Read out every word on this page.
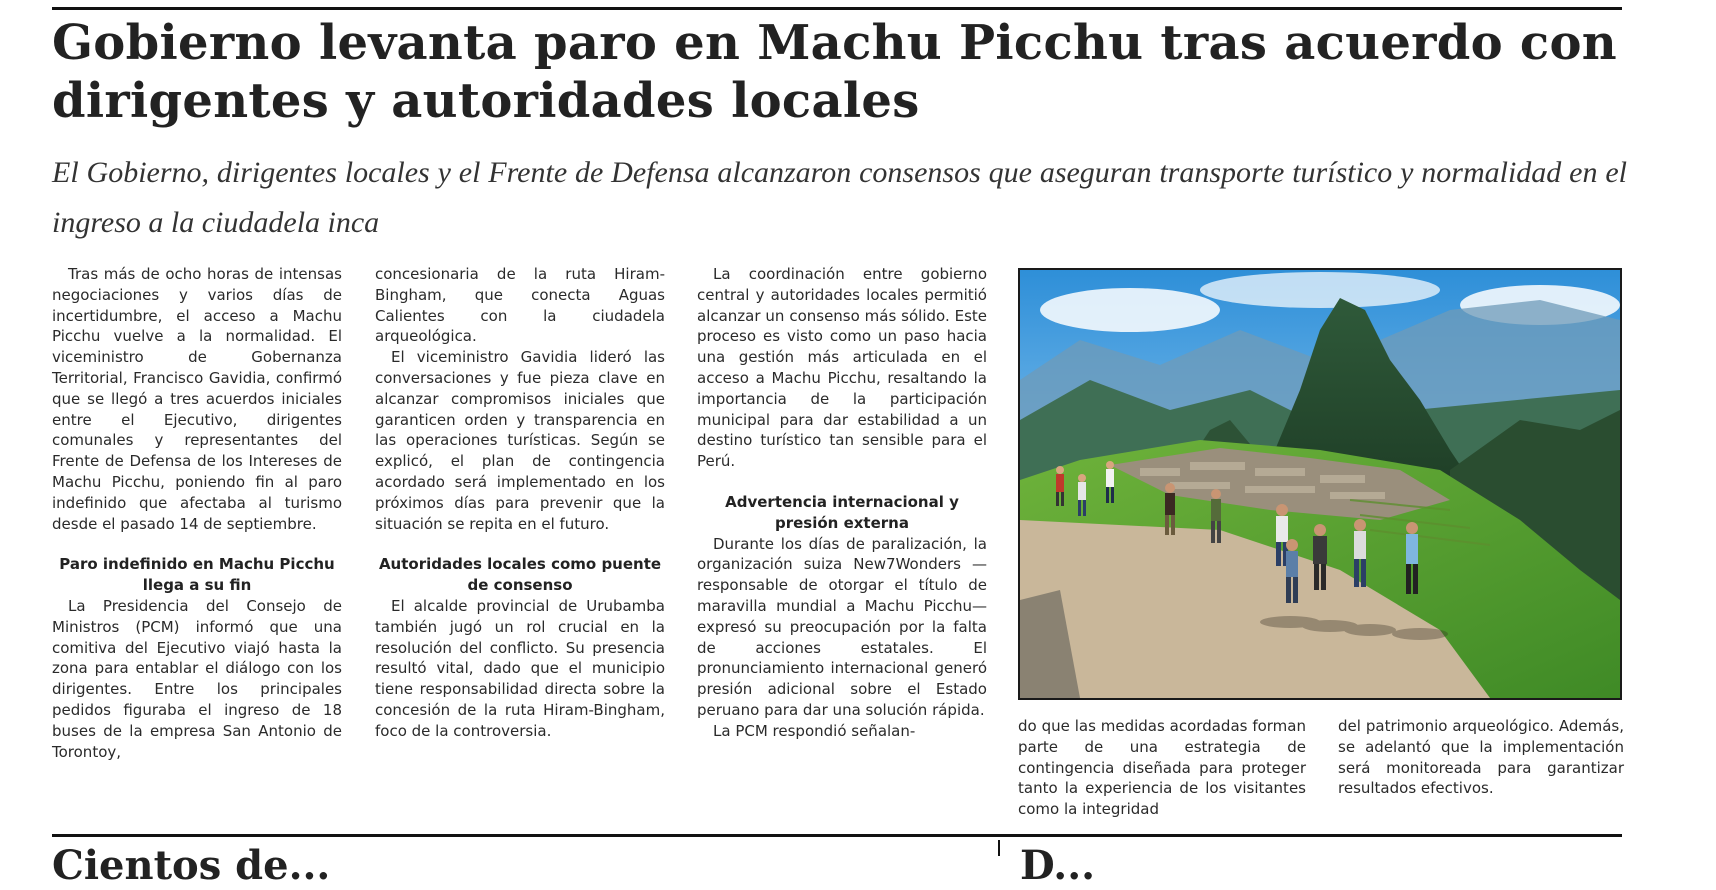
Gobierno levanta paro en Machu Picchu tras acuerdo con dirigentes y autoridades locales

El Gobierno, dirigentes locales y el Frente de Defensa alcanzaron consensos que aseguran transporte turístico y normalidad en el ingreso a la ciudadela inca

Tras más de ocho horas de intensas negociaciones y varios días de incertidumbre, el acceso a Machu Picchu vuelve a la normalidad. El viceministro de Gobernanza Territorial, Francisco Gavidia, confirmó que se llegó a tres acuerdos iniciales entre el Ejecutivo, dirigentes comunales y representantes del Frente de Defensa de los Intereses de Machu Picchu, poniendo fin al paro indefinido que afectaba al turismo desde el pasado 14 de septiembre.

Paro indefinido en Machu Picchu llega a su fin

La Presidencia del Consejo de Ministros (PCM) informó que una comitiva del Ejecutivo viajó hasta la zona para entablar el diálogo con los dirigentes. Entre los principales pedidos figuraba el ingreso de 18 buses de la empresa San Antonio de Torontoy,

concesionaria de la ruta Hiram-Bingham, que conecta Aguas Calientes con la ciudadela arqueológica.

El viceministro Gavidia lideró las conversaciones y fue pieza clave en alcanzar compromisos iniciales que garanticen orden y transparencia en las operaciones turísticas. Según se explicó, el plan de contingencia acordado será implementado en los próximos días para prevenir que la situación se repita en el futuro.

Autoridades locales como puente de consenso

El alcalde provincial de Urubamba también jugó un rol crucial en la resolución del conflicto. Su presencia resultó vital, dado que el municipio tiene responsabilidad directa sobre la concesión de la ruta Hiram-Bingham, foco de la controversia.

La coordinación entre gobierno central y autoridades locales permitió alcanzar un consenso más sólido. Este proceso es visto como un paso hacia una gestión más articulada en el acceso a Machu Picchu, resaltando la importancia de la participación municipal para dar estabilidad a un destino turístico tan sensible para el Perú.

Advertencia internacional y presión externa

Durante los días de paralización, la organización suiza New7Wonders —responsable de otorgar el título de maravilla mundial a Machu Picchu— expresó su preocupación por la falta de acciones estatales. El pronunciamiento internacional generó presión adicional sobre el Estado peruano para dar una solución rápida.

La PCM respondió señalan-	do que las medidas acordadas forman parte de una estrategia de contingencia diseñada para proteger tanto la experiencia de los visitantes como la integridad

del patrimonio arqueológico. Además, se adelantó que la implementación será monitoreada para garantizar resultados efectivos.

Cientos de...	D...
